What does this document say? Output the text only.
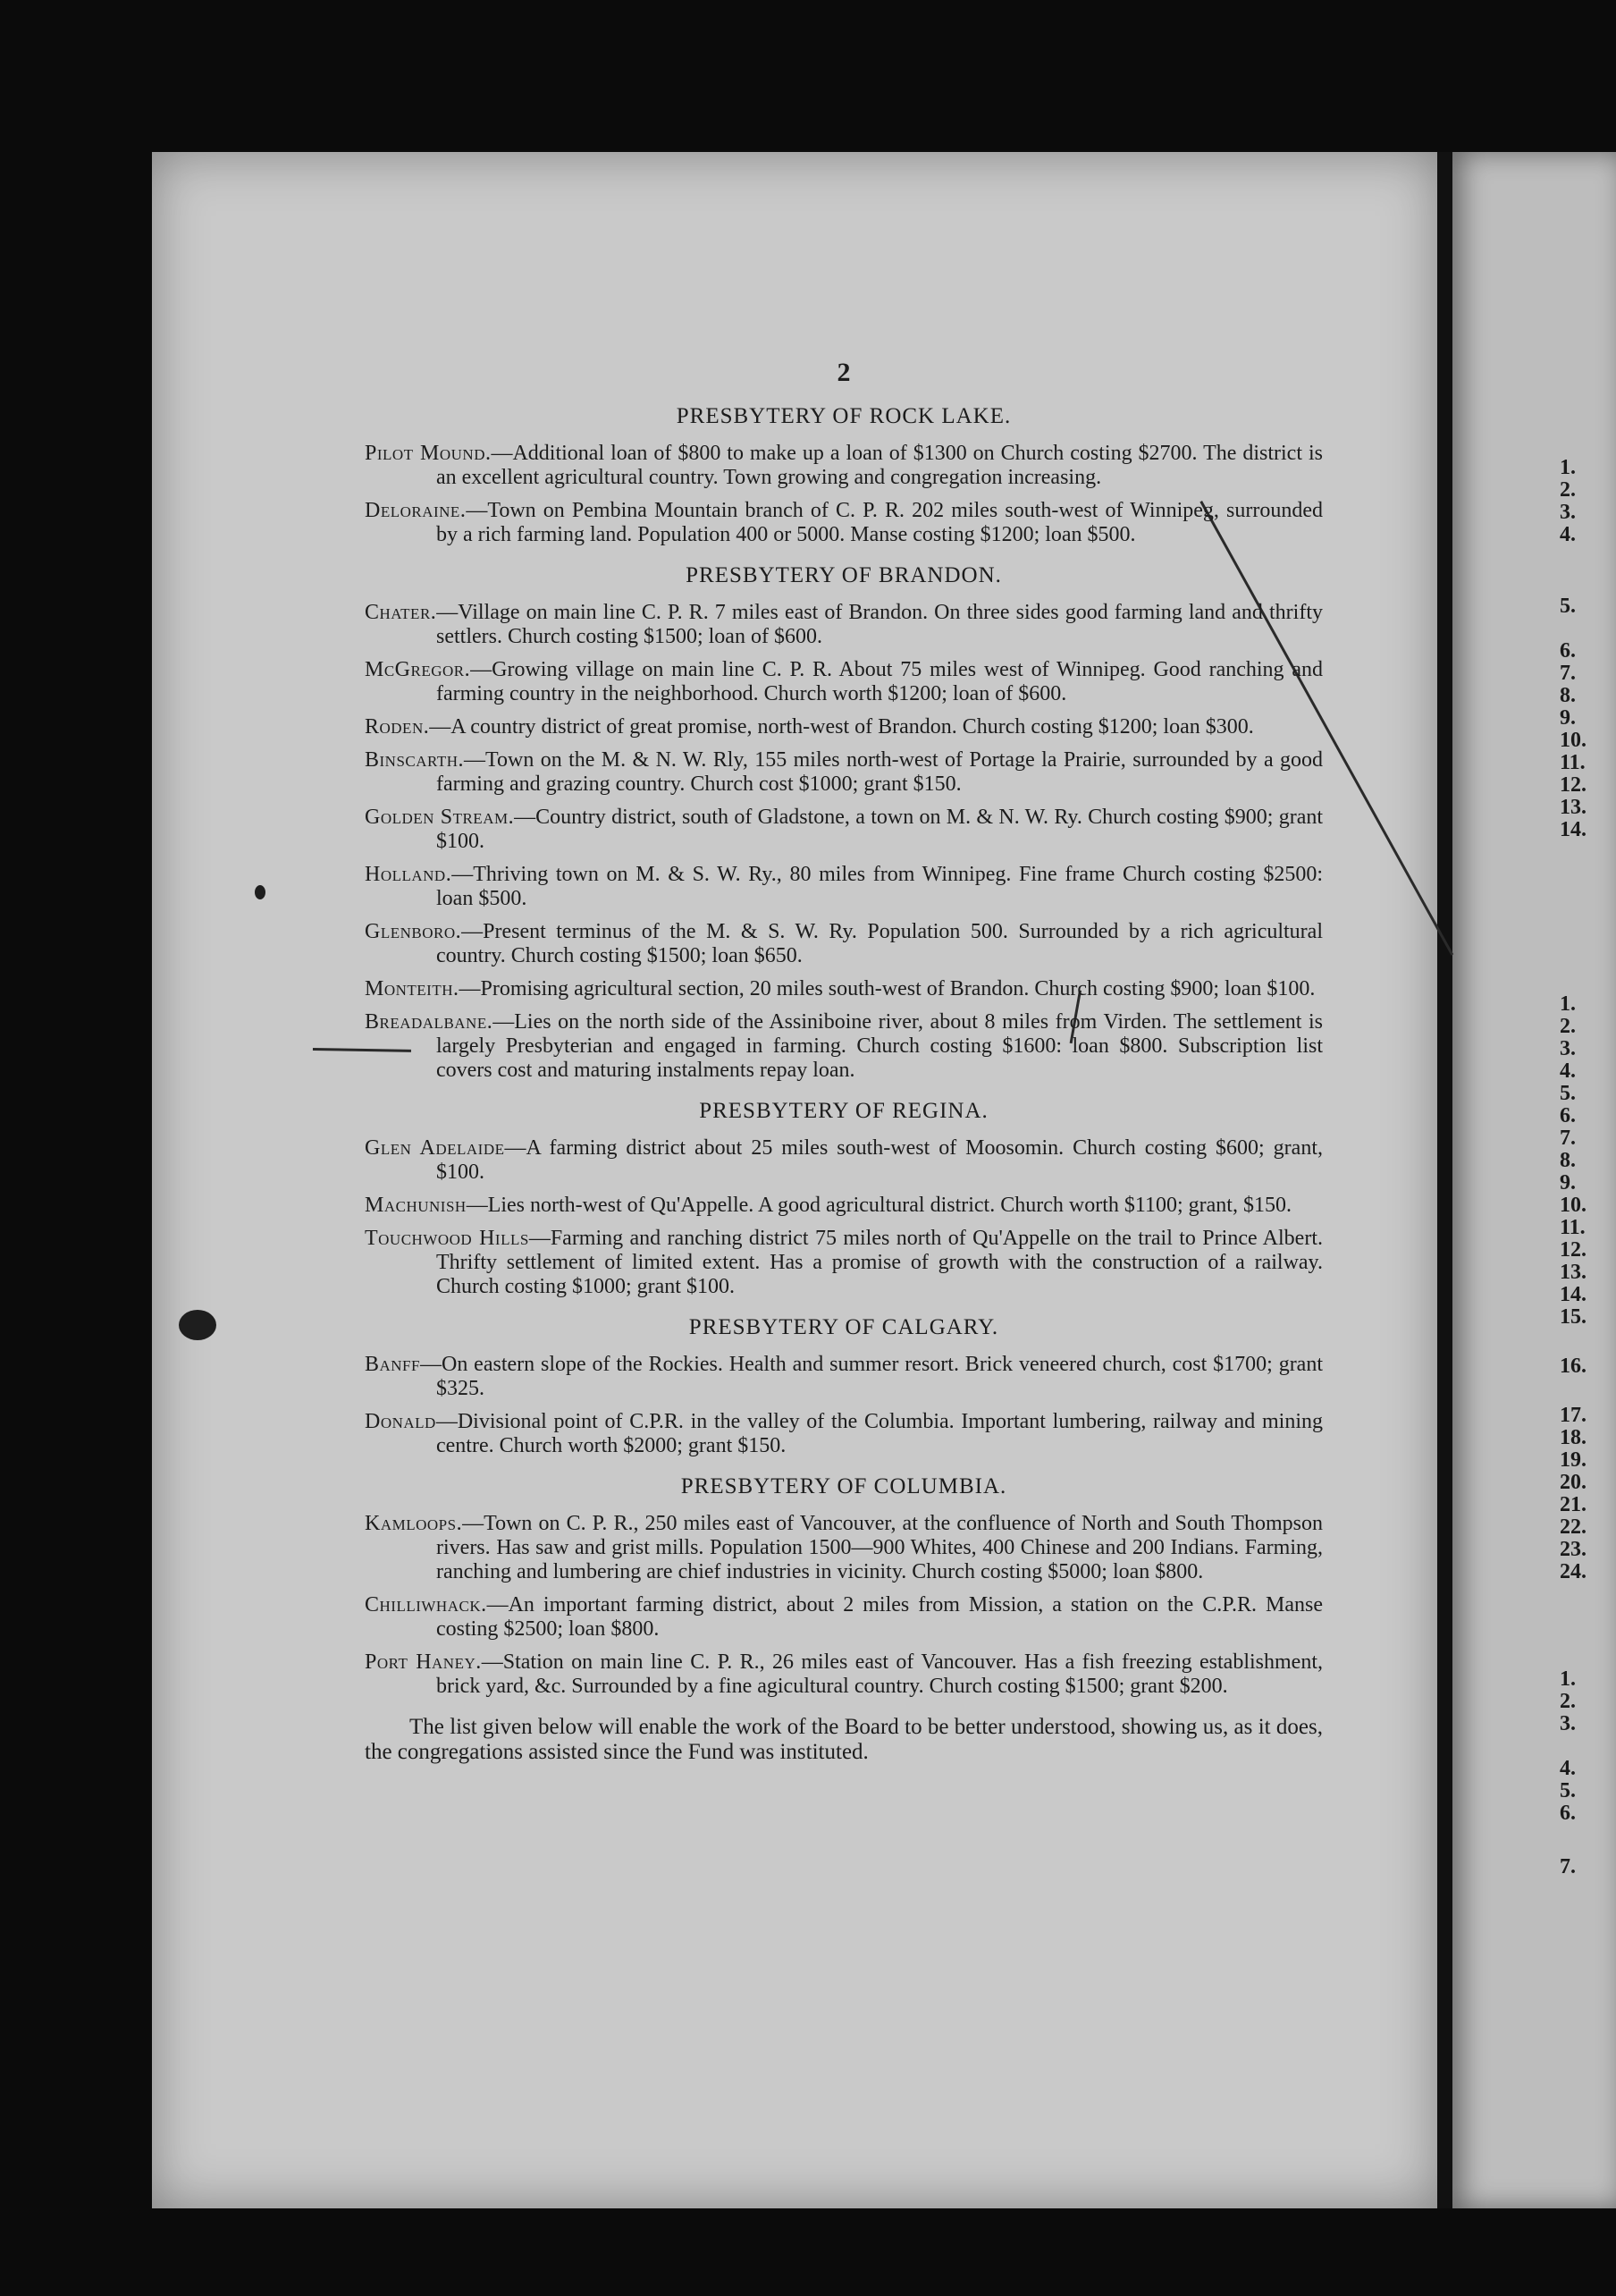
2
PRESBYTERY OF ROCK LAKE.

Pilot Mound.—Additional loan of $800 to make up a loan of $1300 on Church costing $2700. The district is an excellent agricultural country. Town growing and congregation increasing.

Deloraine.—Town on Pembina Mountain branch of C. P. R. 202 miles south-west of Winnipeg, surrounded by a rich farming land. Population 400 or 5000. Manse costing $1200; loan $500.

PRESBYTERY OF BRANDON.

Chater.—Village on main line C. P. R. 7 miles east of Brandon. On three sides good farming land and thrifty settlers. Church costing $1500; loan of $600.

McGregor.—Growing village on main line C. P. R. About 75 miles west of Winnipeg. Good ranching and farming country in the neighborhood. Church worth $1200; loan of $600.

Roden.—A country district of great promise, north-west of Brandon. Church costing $1200; loan $300.

Binscarth.—Town on the M. & N. W. Rly, 155 miles north-west of Portage la Prairie, surrounded by a good farming and grazing country. Church cost $1000; grant $150.

Golden Stream.—Country district, south of Gladstone, a town on M. & N. W. Ry. Church costing $900; grant $100.

Holland.—Thriving town on M. & S. W. Ry., 80 miles from Winnipeg. Fine frame Church costing $2500: loan $500.

Glenboro.—Present terminus of the M. & S. W. Ry. Population 500. Surrounded by a rich agricultural country. Church costing $1500; loan $650.

Monteith.—Promising agricultural section, 20 miles south-west of Brandon. Church costing $900; loan $100.

Breadalbane.—Lies on the north side of the Assiniboine river, about 8 miles from Virden. The settlement is largely Presbyterian and engaged in farming. Church costing $1600: loan $800. Subscription list covers cost and maturing instalments repay loan.

PRESBYTERY OF REGINA.

Glen Adelaide—A farming district about 25 miles south-west of Moosomin. Church costing $600; grant, $100.

Machunish—Lies north-west of Qu'Appelle. A good agricultural district. Church worth $1100; grant, $150.

Touchwood Hills—Farming and ranching district 75 miles north of Qu'Appelle on the trail to Prince Albert. Thrifty settlement of limited extent. Has a promise of growth with the construction of a railway. Church costing $1000; grant $100.

PRESBYTERY OF CALGARY.

Banff—On eastern slope of the Rockies. Health and summer resort. Brick veneered church, cost $1700; grant $325.

Donald—Divisional point of C.P.R. in the valley of the Columbia. Important lumbering, railway and mining centre. Church worth $2000; grant $150.

PRESBYTERY OF COLUMBIA.

Kamloops.—Town on C. P. R., 250 miles east of Vancouver, at the confluence of North and South Thompson rivers. Has saw and grist mills. Population 1500—900 Whites, 400 Chinese and 200 Indians. Farming, ranching and lumbering are chief industries in vicinity. Church costing $5000; loan $800.

Chilliwhack.—An important farming district, about 2 miles from Mission, a station on the C.P.R. Manse costing $2500; loan $800.

Port Haney.—Station on main line C. P. R., 26 miles east of Vancouver. Has a fish freezing establishment, brick yard, &c. Surrounded by a fine agicultural country. Church costing $1500; grant $200.

The list given below will enable the work of the Board to be better understood, showing us, as it does, the congregations assisted since the Fund was instituted.

1.
2.
3.
4.
5.
6.
7.
8.
9.
10.
11.
12.
13.
14.
1.
2.
3.
4.
5.
6.
7.
8.
9.
10.
11.
12.
13.
14.
15.
16.
17.
18.
19.
20.
21.
22.
23.
24.
1.
2.
3.
4.
5.
6.
7.
